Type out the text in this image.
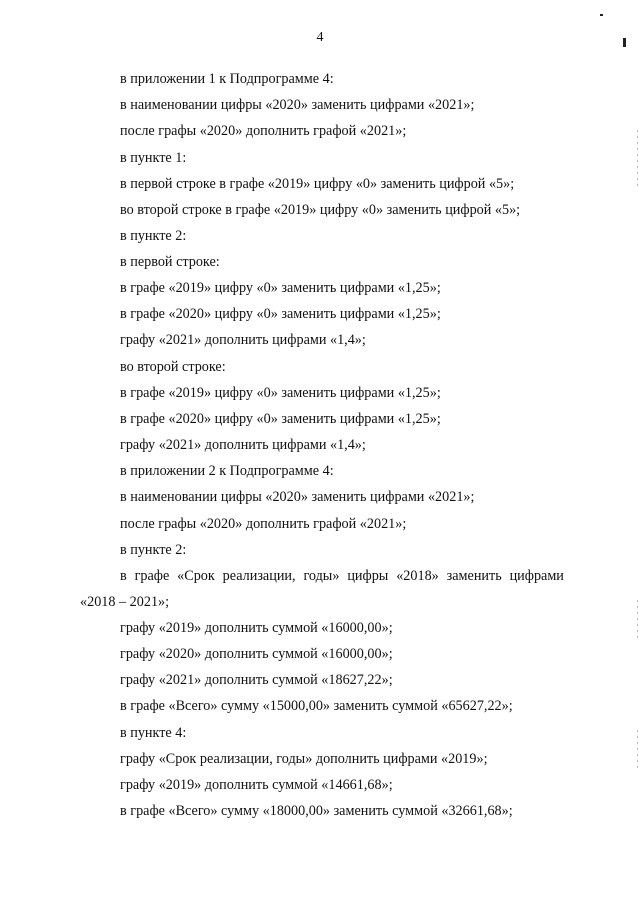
4
в приложении 1 к Подпрограмме 4:
в наименовании цифры «2020» заменить цифрами «2021»;
после графы «2020» дополнить графой «2021»;
в пункте 1:
в первой строке в графе «2019» цифру «0» заменить цифрой «5»;
во второй строке в графе «2019» цифру «0» заменить цифрой «5»;
в пункте 2:
в первой строке:
в графе «2019» цифру «0» заменить цифрами «1,25»;
в графе «2020» цифру «0» заменить цифрами «1,25»;
графу «2021» дополнить цифрами «1,4»;
во второй строке:
в графе «2019» цифру «0» заменить цифрами «1,25»;
в графе «2020» цифру «0» заменить цифрами «1,25»;
графу «2021» дополнить цифрами «1,4»;
в приложении 2 к Подпрограмме 4:
в наименовании цифры «2020» заменить цифрами «2021»;
после графы «2020» дополнить графой «2021»;
в пункте 2:
в графе «Срок реализации, годы» цифры «2018» заменить цифрами
«2018 – 2021»;
графу «2019» дополнить суммой «16000,00»;
графу «2020» дополнить суммой «16000,00»;
графу «2021» дополнить суммой «18627,22»;
в графе «Всего» сумму «15000,00» заменить суммой «65627,22»;
в пункте 4:
графу «Срок реализации, годы» дополнить цифрами «2019»;
графу «2019» дополнить суммой «14661,68»;
в графе «Всего» сумму «18000,00» заменить суммой «32661,68»;
